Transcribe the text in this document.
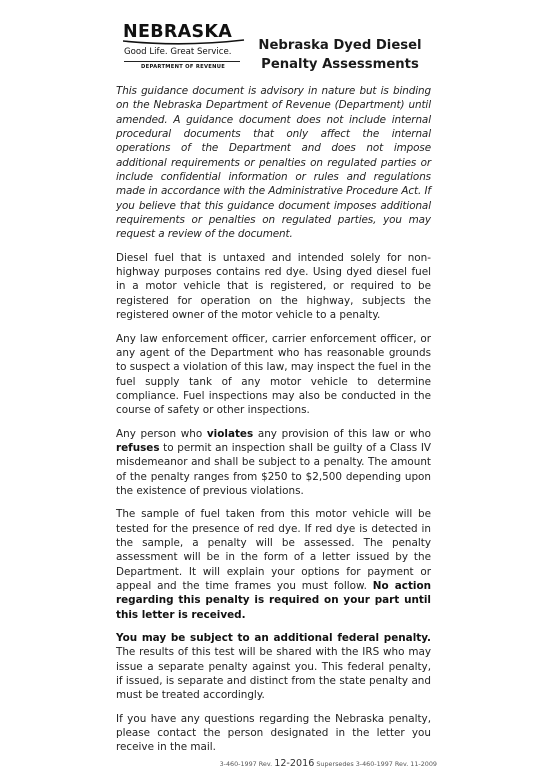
NEBRASKA
Good Life. Great Service.
DEPARTMENT OF REVENUE
Nebraska Dyed Diesel
Penalty Assessments

This guidance document is advisory in nature but is binding on the Nebraska Department of Revenue (Department) until amended. A guidance document does not include internal procedural documents that only affect the internal operations of the Department and does not impose additional requirements or penalties on regulated parties or include confidential information or rules and regulations made in accordance with the Administrative Procedure Act. If you believe that this guidance document imposes additional requirements or penalties on regulated parties, you may request a review of the document.

Diesel fuel that is untaxed and intended solely for non-highway purposes contains red dye. Using dyed diesel fuel in a motor vehicle that is registered, or required to be registered for operation on the highway, subjects the registered owner of the motor vehicle to a penalty.

Any law enforcement officer, carrier enforcement officer, or any agent of the Department who has reasonable grounds to suspect a violation of this law, may inspect the fuel in the fuel supply tank of any motor vehicle to determine compliance. Fuel inspections may also be conducted in the course of safety or other inspections.

Any person who violates any provision of this law or who refuses to permit an inspection shall be guilty of a Class IV misdemeanor and shall be subject to a penalty. The amount of the penalty ranges from $250 to $2,500 depending upon the existence of previous violations.

The sample of fuel taken from this motor vehicle will be tested for the presence of red dye. If red dye is detected in the sample, a penalty will be assessed. The penalty assessment will be in the form of a letter issued by the Department. It will explain your options for payment or appeal and the time frames you must follow. No action regarding this penalty is required on your part until this letter is received.

You may be subject to an additional federal penalty. The results of this test will be shared with the IRS who may issue a separate penalty against you. This federal penalty, if issued, is separate and distinct from the state penalty and must be treated accordingly.

If you have any questions regarding the Nebraska penalty, please contact the person designated in the letter you receive in the mail.

3-460-1997 Rev. 12-2016 Supersedes 3-460-1997 Rev. 11-2009
